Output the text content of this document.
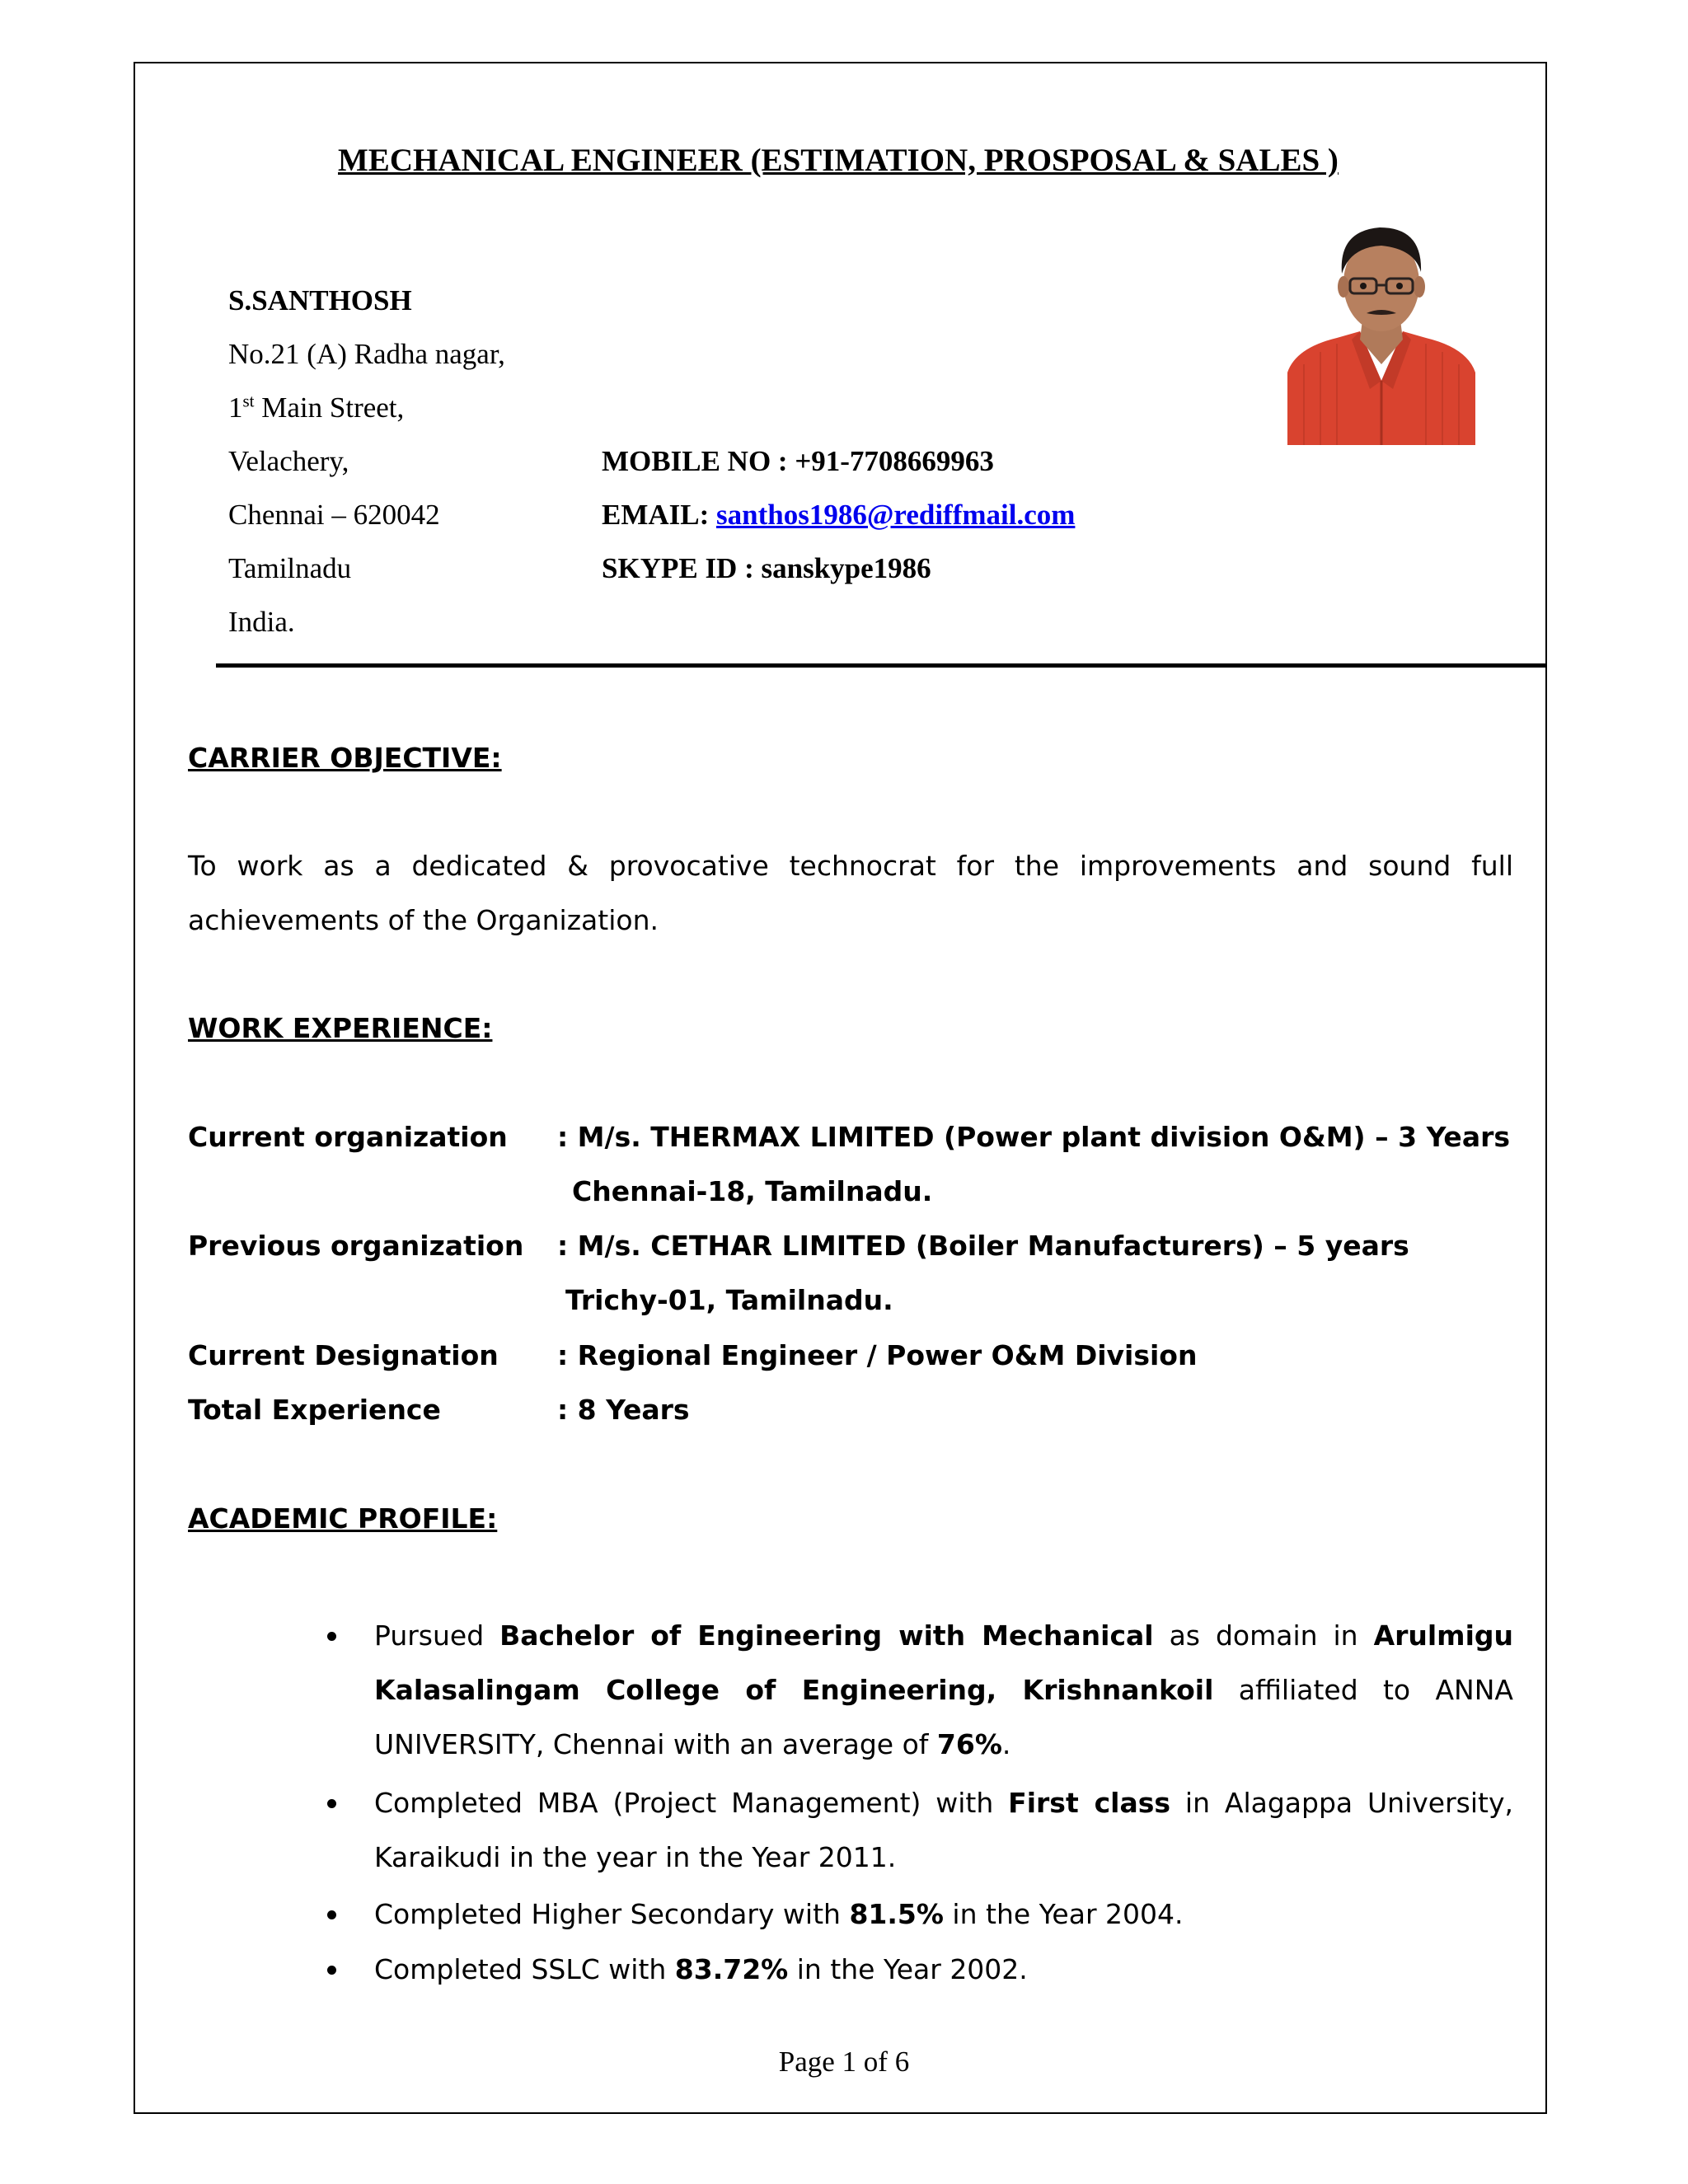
MECHANICAL ENGINEER (ESTIMATION, PROSPOSAL & SALES )
S.SANTHOSH
No.21 (A) Radha nagar,
1st Main Street,
Velachery,
Chennai – 620042
Tamilnadu
India.
MOBILE NO : +91-7708669963
EMAIL: santhos1986@rediffmail.com
SKYPE ID : sanskype1986
CARRIER OBJECTIVE:
To work as a dedicated & provocative technocrat for the improvements and sound full
achievements of the Organization.
WORK EXPERIENCE:
Current organization : M/s. THERMAX LIMITED (Power plant division O&M) – 3 Years
Chennai-18, Tamilnadu.
Previous organization : M/s. CETHAR LIMITED (Boiler Manufacturers) – 5 years
Trichy-01, Tamilnadu.
Current Designation : Regional Engineer / Power O&M Division
Total Experience	: 8 Years
ACADEMIC PROFILE:
Pursued Bachelor of Engineering with Mechanical as domain in Arulmigu Kalasalingam College of Engineering, Krishnankoil affiliated to ANNA UNIVERSITY, Chennai with an average of 76%.
Completed MBA (Project Management) with First class in Alagappa University, Karaikudi in the year in the Year 2011.
Completed Higher Secondary with 81.5% in the Year 2004.
Completed SSLC with 83.72% in the Year 2002.
Page 1 of 6
